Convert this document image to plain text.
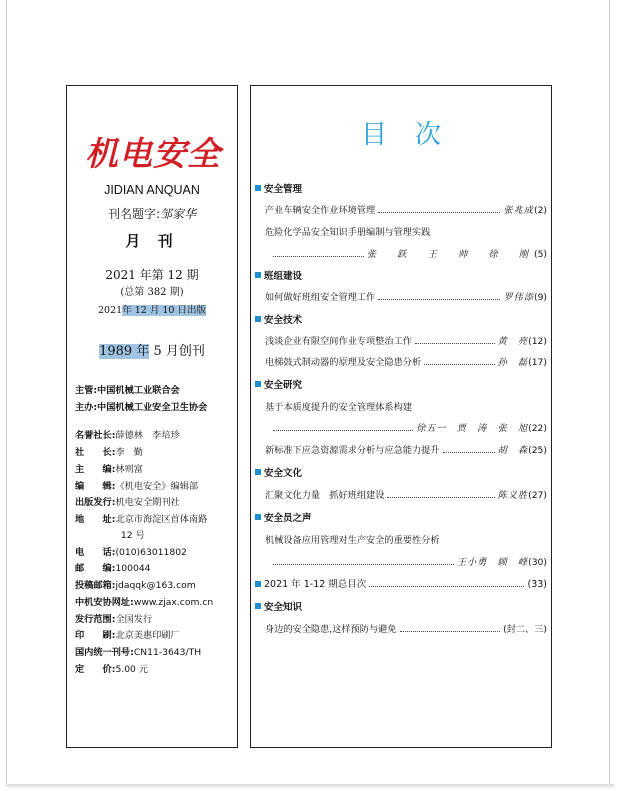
机电安全
JIDIAN ANQUAN
刊名题字:邹家华
月 刊
2021 年第 12 期
(总第 382 期)
2021年 12 月 10 日出版
1989 年 5 月创刊
主管:中国机械工业联合会
主办:中国机械工业安全卫生协会
名誉社长:薛德林　李培珍
社　　长:李　勤
主　　编:林则富
编　　辑:《机电安全》编辑部
出版发行:机电安全期刊社
地　　址:北京市海淀区首体南路
　　　　　12 号
电　　话:(010)63011802
邮　　编:100044
投稿邮箱:jdaqqk@163.com
中机安协网址:www.zjax.com.cn
发行范围:全国发行
印　　刷:北京美惠印刷厂
国内统一刊号:CN11-3643/TH
定　　价:5.00 元
目次
安全管理
产业车辆安全作业环境管理	张兆成 (2)
危险化学品安全知识手册编制与管理实践
张　跃　王　帅　徐　刚 (5)
班组建设
如何做好班组安全管理工作	罗伟添 (9)
安全技术
浅谈企业有限空间作业专项整治工作	黄　亮 (12)
电梯鼓式制动器的原理及安全隐患分析	孙　磊 (17)
安全研究
基于本质度提升的安全管理体系构建
徐五一　贾　涛　张　旭 (22)
新标准下应急资源需求分析与应急能力提升	胡　森 (25)
安全文化
汇聚文化力量　抓好班组建设	陈义胜 (27)
安全员之声
机械设备应用管理对生产安全的重要性分析
王小勇　顾　峰 (30)
2021 年 1-12 期总目次	(33)
安全知识
身边的安全隐患,这样预防与避免	(封二、三)
